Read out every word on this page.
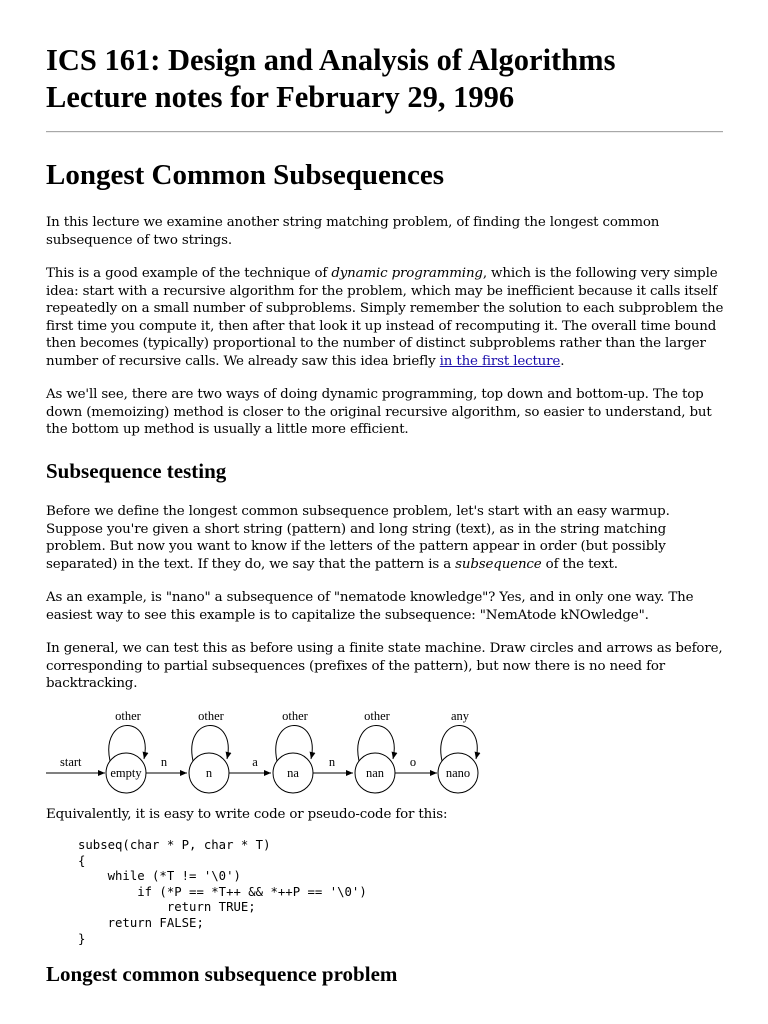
ICS 161: Design and Analysis of Algorithms
Lecture notes for February 29, 1996
Longest Common Subsequences

In this lecture we examine another string matching problem, of finding the longest common subsequence of two strings.

This is a good example of the technique of dynamic programming, which is the following very simple idea: start with a recursive algorithm for the problem, which may be inefficient because it calls itself repeatedly on a small number of subproblems. Simply remember the solution to each subproblem the first time you compute it, then after that look it up instead of recomputing it. The overall time bound then becomes (typically) proportional to the number of distinct subproblems rather than the larger number of recursive calls. We already saw this idea briefly in the first lecture.

As we'll see, there are two ways of doing dynamic programming, top down and bottom-up. The top down (memoizing) method is closer to the original recursive algorithm, so easier to understand, but the bottom up method is usually a little more efficient.

Subsequence testing

Before we define the longest common subsequence problem, let's start with an easy warmup. Suppose you're given a short string (pattern) and long string (text), as in the string matching problem. But now you want to know if the letters of the pattern appear in order (but possibly separated) in the text. If they do, we say that the pattern is a subsequence of the text.

As an example, is "nano" a subsequence of "nematode knowledge"? Yes, and in only one way. The easiest way to see this example is to capitalize the subsequence: "NemAtode kNOwledge".

In general, we can test this as before using a finite state machine. Draw circles and arrows as before, corresponding to partial subsequences (prefixes of the pattern), but now there is no need for backtracking.

start
empty
other
n
n
other
a
na
other
n
nan
other
o
nano
any

Equivalently, it is easy to write code or pseudo-code for this:

subseq(char * P, char * T)
{
while (*T != '\0')
if (*P == *T++ && *++P == '\0')
return TRUE;
return FALSE;
}
Longest common subsequence problem
